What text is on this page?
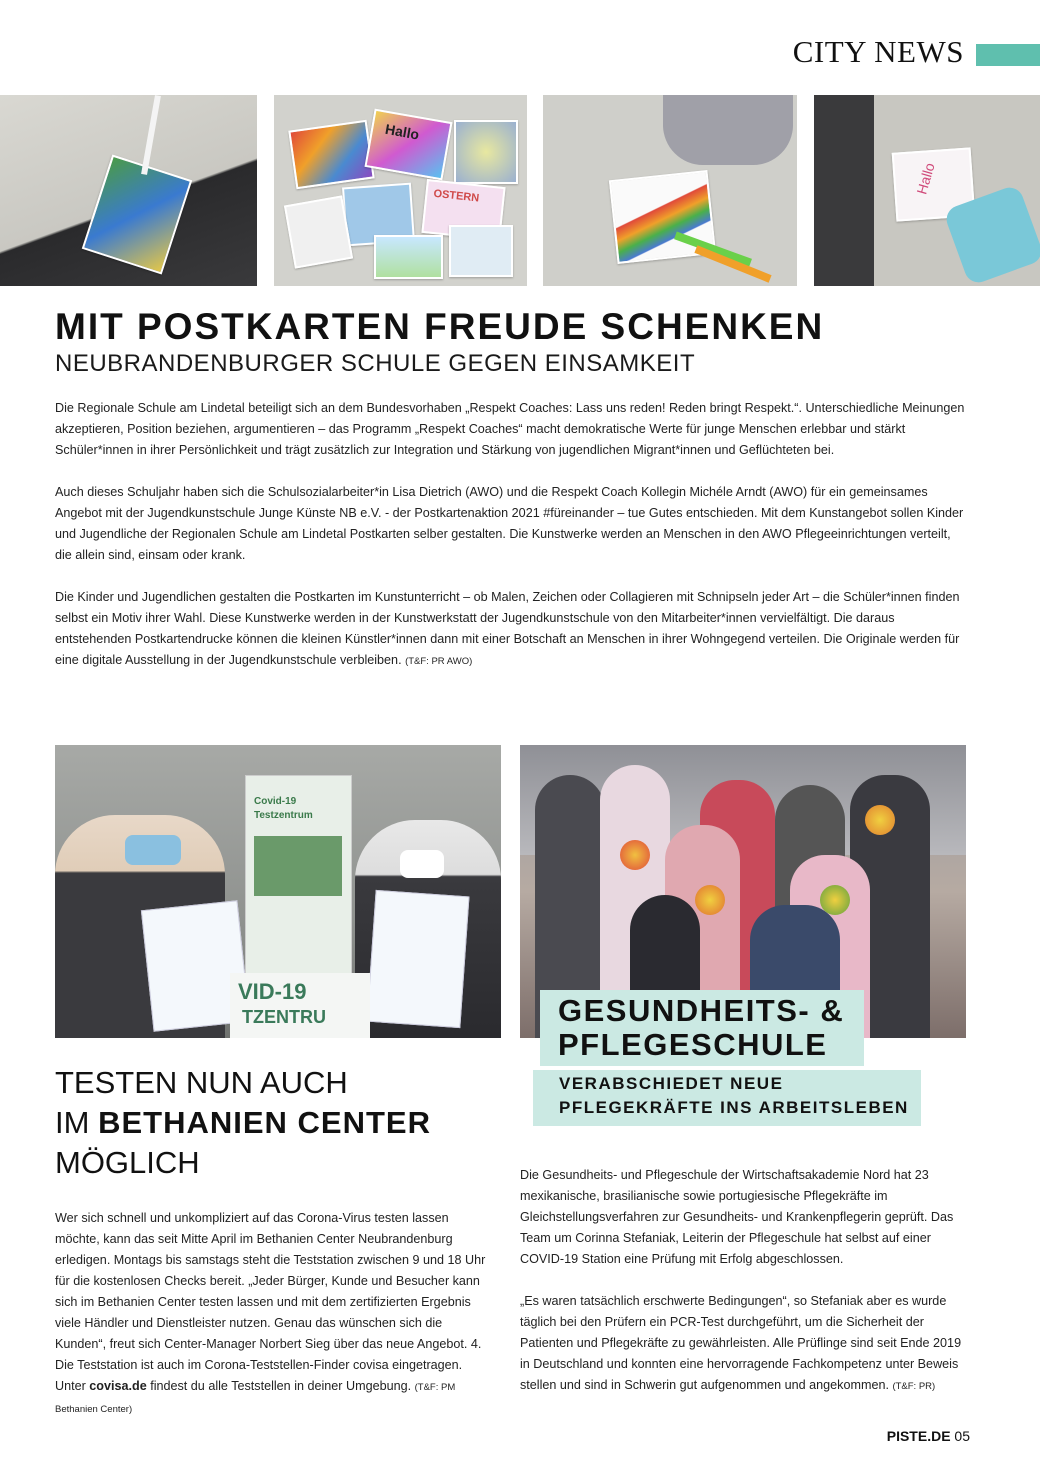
CITY NEWS
Hallo
OSTERN
Hallo
MIT POSTKARTEN FREUDE SCHENKEN
NEUBRANDENBURGER SCHULE GEGEN EINSAMKEIT

Die Regionale Schule am Lindetal beteiligt sich an dem Bundesvorhaben „Respekt Coaches: Lass uns reden! Reden bringt Respekt.“. Unterschiedliche Meinungen akzeptieren, Position beziehen, argumentieren – das Programm „Respekt Coaches“ macht demokratische Werte für junge Menschen erlebbar und stärkt Schüler*innen in ihrer Persönlichkeit und trägt zusätzlich zur Integration und Stärkung von jugendlichen Migrant*innen und Geflüchteten bei.

Auch dieses Schuljahr haben sich die Schulsozialarbeiter*in Lisa Dietrich (AWO) und die Respekt Coach Kollegin Michéle Arndt (AWO) für ein gemeinsames Angebot mit der Jugendkunstschule Junge Künste NB e.V. - der Postkartenaktion 2021 #füreinander – tue Gutes entschieden. Mit dem Kunstangebot sollen Kinder und Jugendliche der Regionalen Schule am Lindetal Postkarten selber gestalten. Die Kunstwerke werden an Menschen in den AWO Pflegeeinrichtungen verteilt, die allein sind, einsam oder krank.

Die Kinder und Jugendlichen gestalten die Postkarten im Kunstunterricht – ob Malen, Zeichen oder Collagieren mit Schnipseln jeder Art – die Schüler*innen finden selbst ein Motiv ihrer Wahl. Diese Kunstwerke werden in der Kunstwerkstatt der Jugendkunstschule von den Mitarbeiter*innen vervielfältigt. Die daraus entstehenden Postkartendrucke können die kleinen Künstler*innen dann mit einer Botschaft an Menschen in ihrer Wohngegend verteilen. Die Originale werden für eine digitale Ausstellung in der Jugendkunstschule verbleiben. (T&F: PR AWO)

Covid-19
Testzentrum
VID-19
TZENTRU
TESTEN NUN AUCH
IM BETHANIEN CENTER
MÖGLICH
Wer sich schnell und unkompliziert auf das Corona-Virus testen lassen möchte, kann das seit Mitte April im Bethanien Center Neubrandenburg erledigen. Montags bis samstags steht die Teststation zwischen 9 und 18 Uhr für die kostenlosen Checks bereit. „Jeder Bürger, Kunde und Besucher kann sich im Bethanien Center testen lassen und mit dem zertifizierten Ergebnis viele Händler und Dienstleister nutzen. Genau das wünschen sich die Kunden“, freut sich Center-Manager Norbert Sieg über das neue Angebot. 4. Die Teststation ist auch im Corona-Teststellen-Finder covisa eingetragen. Unter covisa.de findest du alle Teststellen in deiner Umgebung. (T&F: PM Bethanien Center)
GESUNDHEITS- &
PFLEGESCHULE
VERABSCHIEDET NEUE
PFLEGEKRÄFTE INS ARBEITSLEBEN

Die Gesundheits- und Pflegeschule der Wirtschaftsakademie Nord hat 23 mexikanische, brasilianische sowie portugiesische Pflegekräfte im Gleichstellungsverfahren zur Gesundheits- und Krankenpflegerin geprüft. Das Team um Corinna Stefaniak, Leiterin der Pflegeschule hat selbst auf einer COVID-19 Station eine Prüfung mit Erfolg abgeschlossen.

„Es waren tatsächlich erschwerte Bedingungen“, so Stefaniak aber es wurde täglich bei den Prüfern ein PCR-Test durchgeführt, um die Sicherheit der Patienten und Pflegekräfte zu gewährleisten. Alle Prüflinge sind seit Ende 2019 in Deutschland und konnten eine hervorragende Fachkompetenz unter Beweis stellen und sind in Schwerin gut aufgenommen und angekommen. (T&F: PR)

PISTE.DE 05
